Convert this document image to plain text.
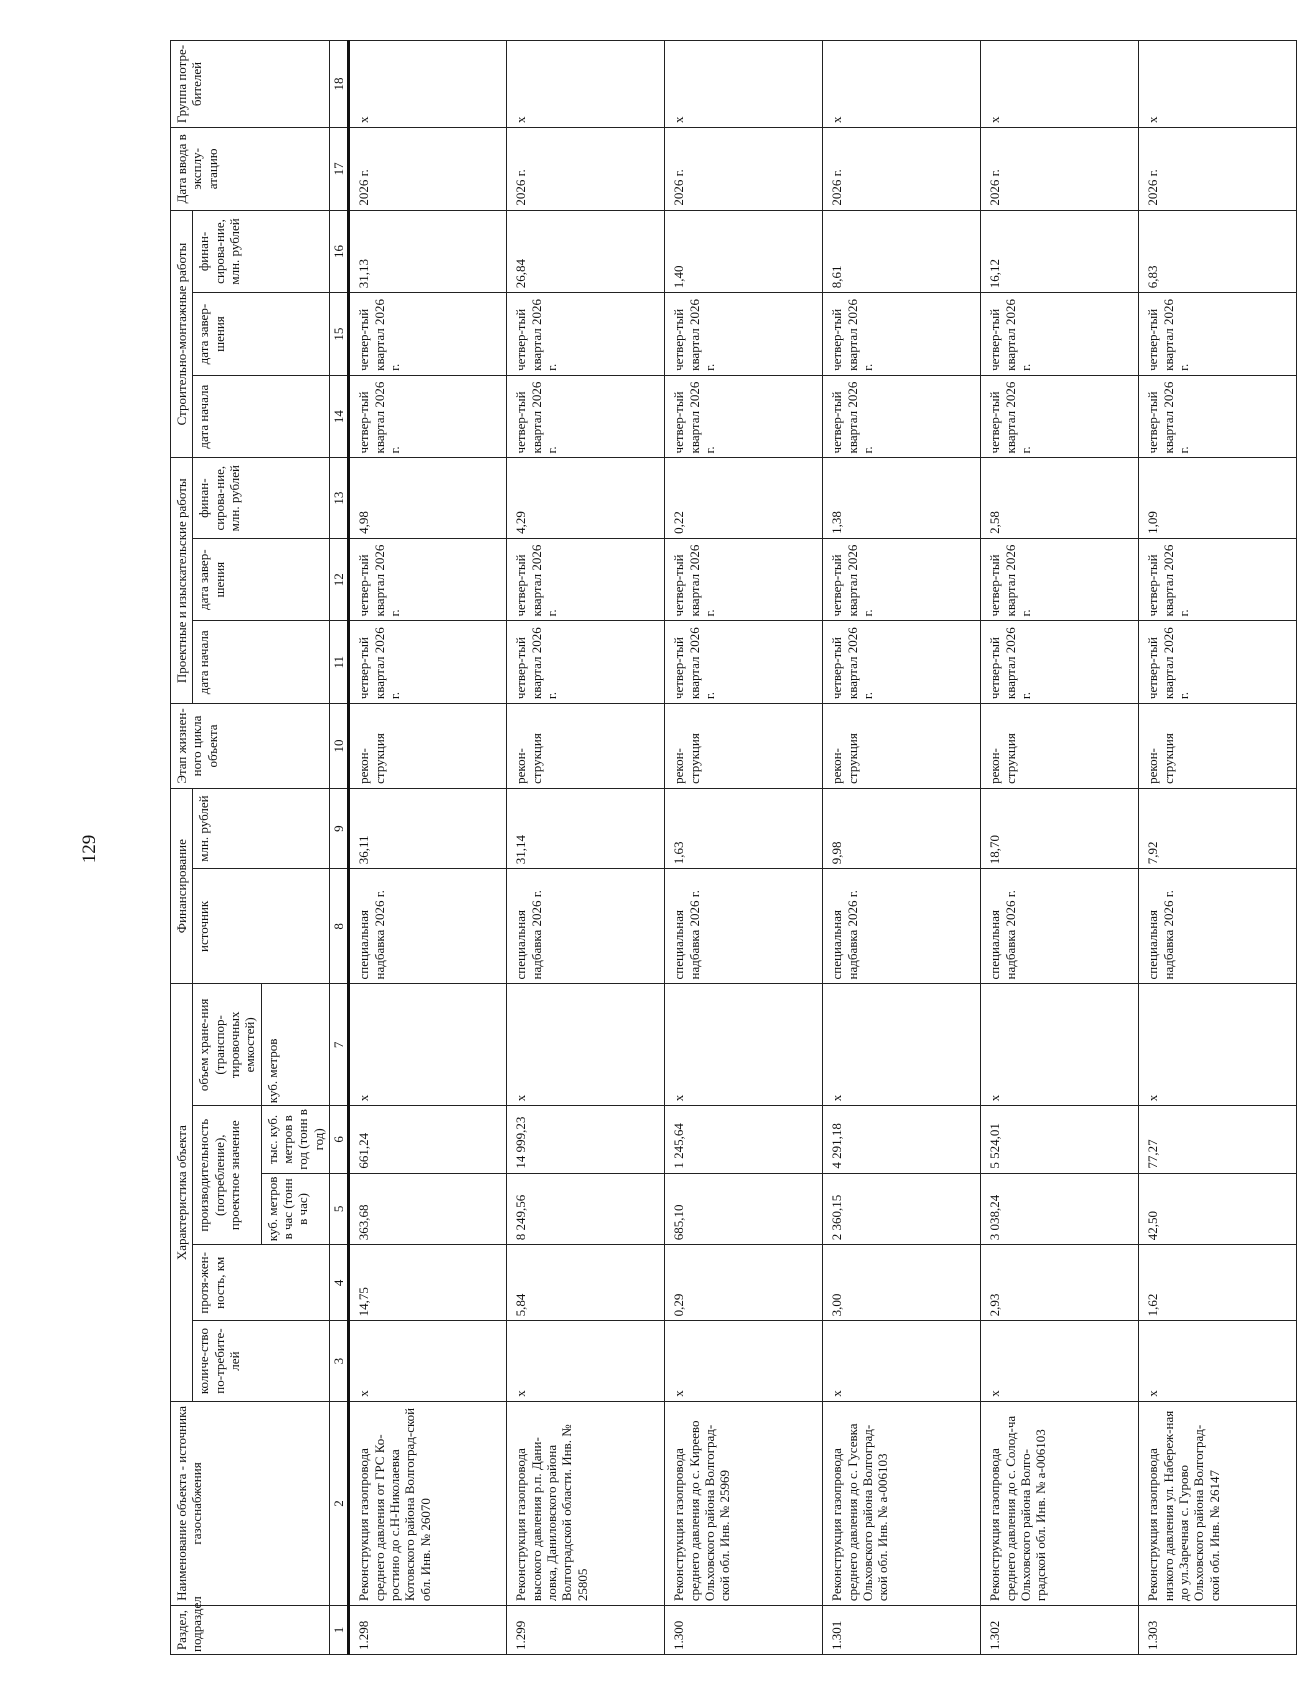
129
Раздел, подраздел	Наименование объекта - источника газоснабжения	Характеристика объекта					Финансирование		Этап жизнен-ного цикла объекта	Проектные и изыскательские работы			Строительно-монтажные работы			Дата ввода в эксплу-атацию	Группа потре-бителей
		количе-ство по-требите-лей	протя-жен-ность, км	производительность (потребление), проектное значение		объем хране-ния (транспор-тировочных емкостей)	источник	млн. рублей		дата начала	дата завер-шения	финан-сирова-ние, млн. рублей	дата начала	дата завер-шения	финан-сирова-ние, млн. рублей		
				куб. метров в час (тонн в час)	тыс. куб. метров в год (тонн в год)	куб. метров											
1	2	3	4	5	6	7	8	9	10	11	12	13	14	15	16	17	18
1.298	Реконструкция газопровода среднего давления от ГРС Ко-ростино до с.Н-Николаевка Котовского района Волгоград-ской обл. Инв. № 26070	x	14,75	363,68	661,24	x	специальная надбавка 2026 г.	36,11	рекон-струкция	четвер-тый квартал 2026 г.	четвер-тый квартал 2026 г.	4,98	четвер-тый квартал 2026 г.	четвер-тый квартал 2026 г.	31,13	2026 г.	x
1.299	Реконструкция газопровода высокого давления р.п. Дани-ловка, Даниловского района Волгоградской области. Инв. № 25805	x	5,84	8 249,56	14 999,23	x	специальная надбавка 2026 г.	31,14	рекон-струкция	четвер-тый квартал 2026 г.	четвер-тый квартал 2026 г.	4,29	четвер-тый квартал 2026 г.	четвер-тый квартал 2026 г.	26,84	2026 г.	x
1.300	Реконструкция газопровода среднего давления до с. Киреево Ольховского района Волгоград-ской обл. Инв. № 25969	x	0,29	685,10	1 245,64	x	специальная надбавка 2026 г.	1,63	рекон-струкция	четвер-тый квартал 2026 г.	четвер-тый квартал 2026 г.	0,22	четвер-тый квартал 2026 г.	четвер-тый квартал 2026 г.	1,40	2026 г.	x
1.301	Реконструкция газопровода среднего давления до с. Гусевка Ольховского района Волгоград-ской обл. Инв. № а-006103	x	3,00	2 360,15	4 291,18	x	специальная надбавка 2026 г.	9,98	рекон-струкция	четвер-тый квартал 2026 г.	четвер-тый квартал 2026 г.	1,38	четвер-тый квартал 2026 г.	четвер-тый квартал 2026 г.	8,61	2026 г.	x
1.302	Реконструкция газопровода среднего давления до с. Солод-ча Ольховского района Волго-градской обл. Инв. № а-006103	x	2,93	3 038,24	5 524,01	x	специальная надбавка 2026 г.	18,70	рекон-струкция	четвер-тый квартал 2026 г.	четвер-тый квартал 2026 г.	2,58	четвер-тый квартал 2026 г.	четвер-тый квартал 2026 г.	16,12	2026 г.	x
1.303	Реконструкция газопровода низкого давления ул. Набереж-ная до ул.Заречная с. Гурово Ольховского района Волгоград-ской обл. Инв. № 26147	x	1,62	42,50	77,27	x	специальная надбавка 2026 г.	7,92	рекон-струкция	четвер-тый квартал 2026 г.	четвер-тый квартал 2026 г.	1,09	четвер-тый квартал 2026 г.	четвер-тый квартал 2026 г.	6,83	2026 г.	x
